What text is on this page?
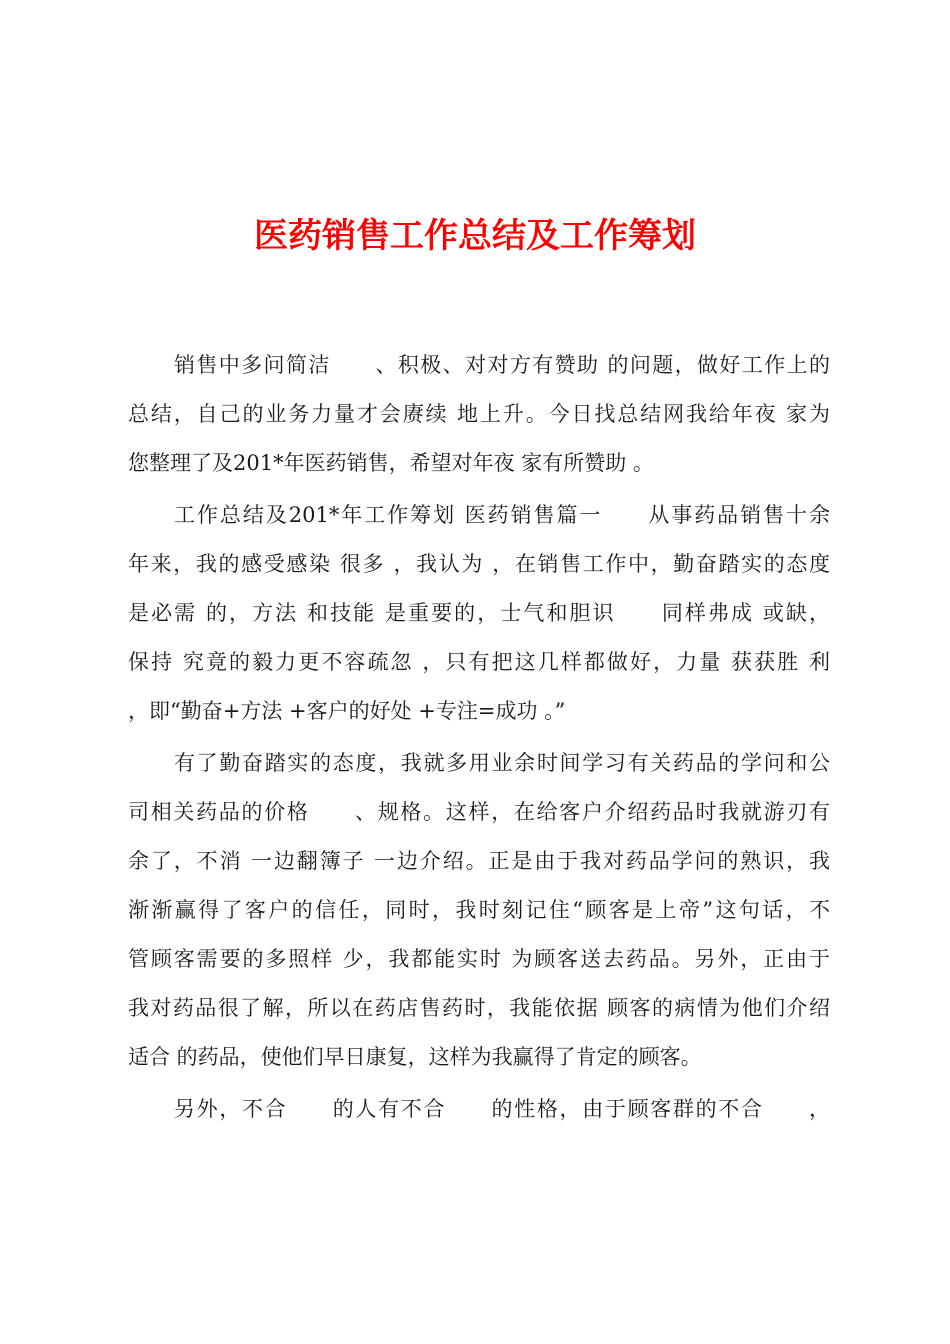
医药销售工作总结及工作筹划

销售中多问简洁　　、积极、对对方有赞助 的问题，做好工作上的

总结，自己的业务力量才会赓续 地上升。今日找总结网我给年夜 家为

您整理了及201*年医药销售，希望对年夜 家有所赞助 。

工作总结及201*年工作筹划 医药销售篇一　　从事药品销售十余

年来，我的感受感染 很多 ，我认为 ，在销售工作中，勤奋踏实的态度

是必需 的，方法 和技能 是重要的，士气和胆识　　同样弗成 或缺，

保持 究竟的毅力更不容疏忽 ，只有把这几样都做好，力量 获获胜 利

，即“勤奋+方法 +客户的好处 +专注=成功 。”

有了勤奋踏实的态度，我就多用业余时间学习有关药品的学问和公

司相关药品的价格　　、规格。这样，在给客户介绍药品时我就游刃有

余了，不消 一边翻簿子 一边介绍。正是由于我对药品学问的熟识，我

渐渐赢得了客户的信任，同时，我时刻记住“顾客是上帝”这句话，不

管顾客需要的多照样 少，我都能实时 为顾客送去药品。另外，正由于

我对药品很了解，所以在药店售药时，我能依据 顾客的病情为他们介绍

适合 的药品，使他们早日康复，这样为我赢得了肯定的顾客。

另外，不合　　的人有不合　　的性格，由于顾客群的不合　　，
